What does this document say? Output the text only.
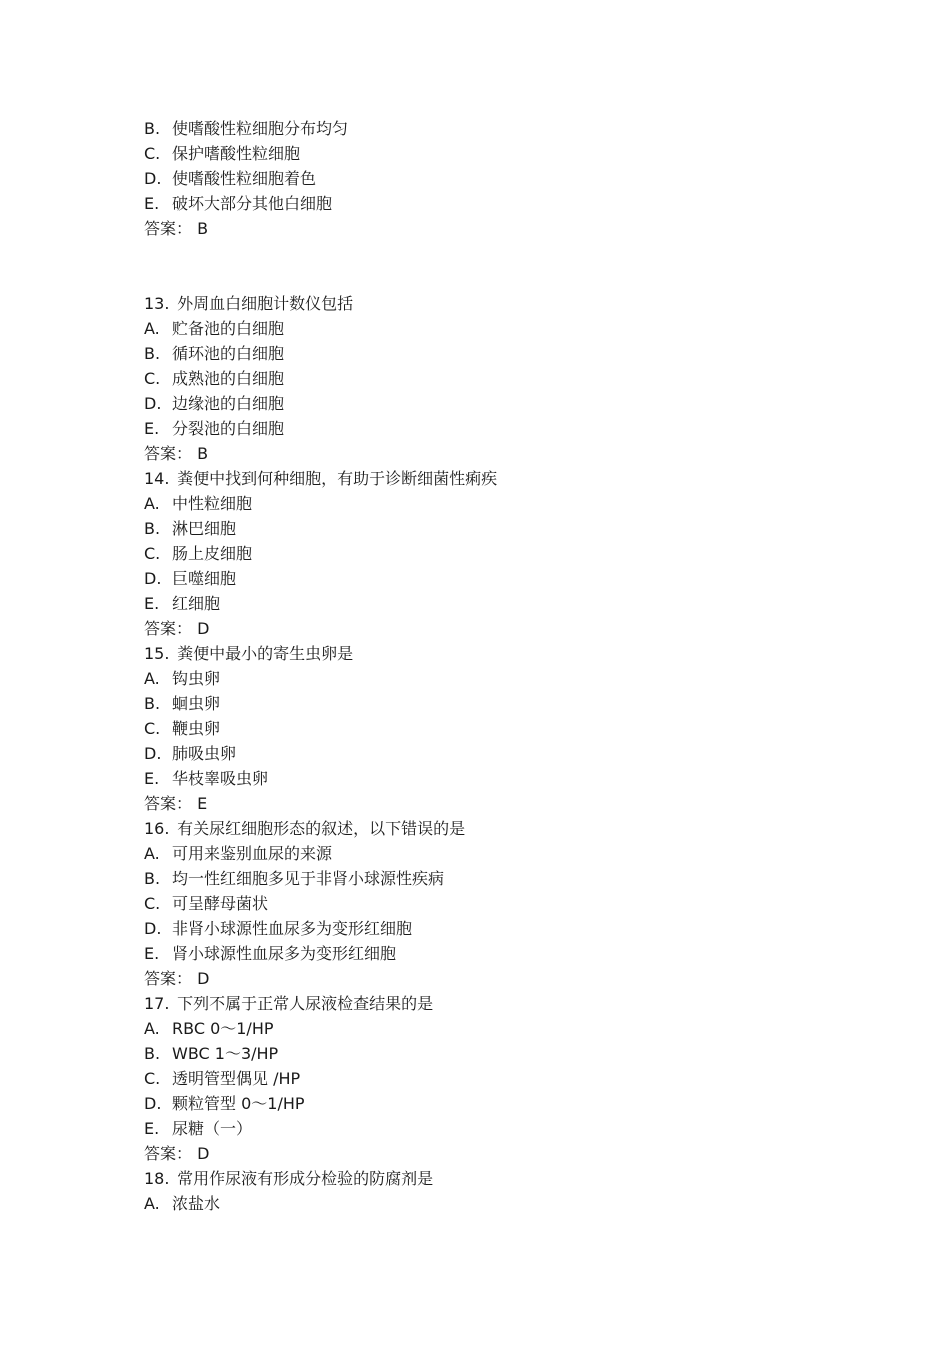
B. 使嗜酸性粒细胞分布均匀
C. 保护嗜酸性粒细胞
D. 使嗜酸性粒细胞着色
E. 破坏大部分其他白细胞
答案： B
13. 外周血白细胞计数仪包括
A. 贮备池的白细胞
B. 循环池的白细胞
C. 成熟池的白细胞
D. 边缘池的白细胞
E. 分裂池的白细胞
答案： B
14. 粪便中找到何种细胞，有助于诊断细菌性痢疾
A. 中性粒细胞
B. 淋巴细胞
C. 肠上皮细胞
D. 巨噬细胞
E. 红细胞
答案： D
15. 粪便中最小的寄生虫卵是
A. 钩虫卵
B. 蛔虫卵
C. 鞭虫卵
D. 肺吸虫卵
E. 华枝睾吸虫卵
答案： E
16. 有关尿红细胞形态的叙述，以下错误的是
A. 可用来鉴别血尿的来源
B. 均一性红细胞多见于非肾小球源性疾病
C. 可呈酵母菌状
D. 非肾小球源性血尿多为变形红细胞
E. 肾小球源性血尿多为变形红细胞
答案： D
17. 下列不属于正常人尿液检查结果的是
A. RBC 0～1/HP
B. WBC 1～3/HP
C. 透明管型偶见 /HP
D. 颗粒管型 0～1/HP
E. 尿糖（一）
答案： D
18. 常用作尿液有形成分检验的防腐剂是
A. 浓盐水
